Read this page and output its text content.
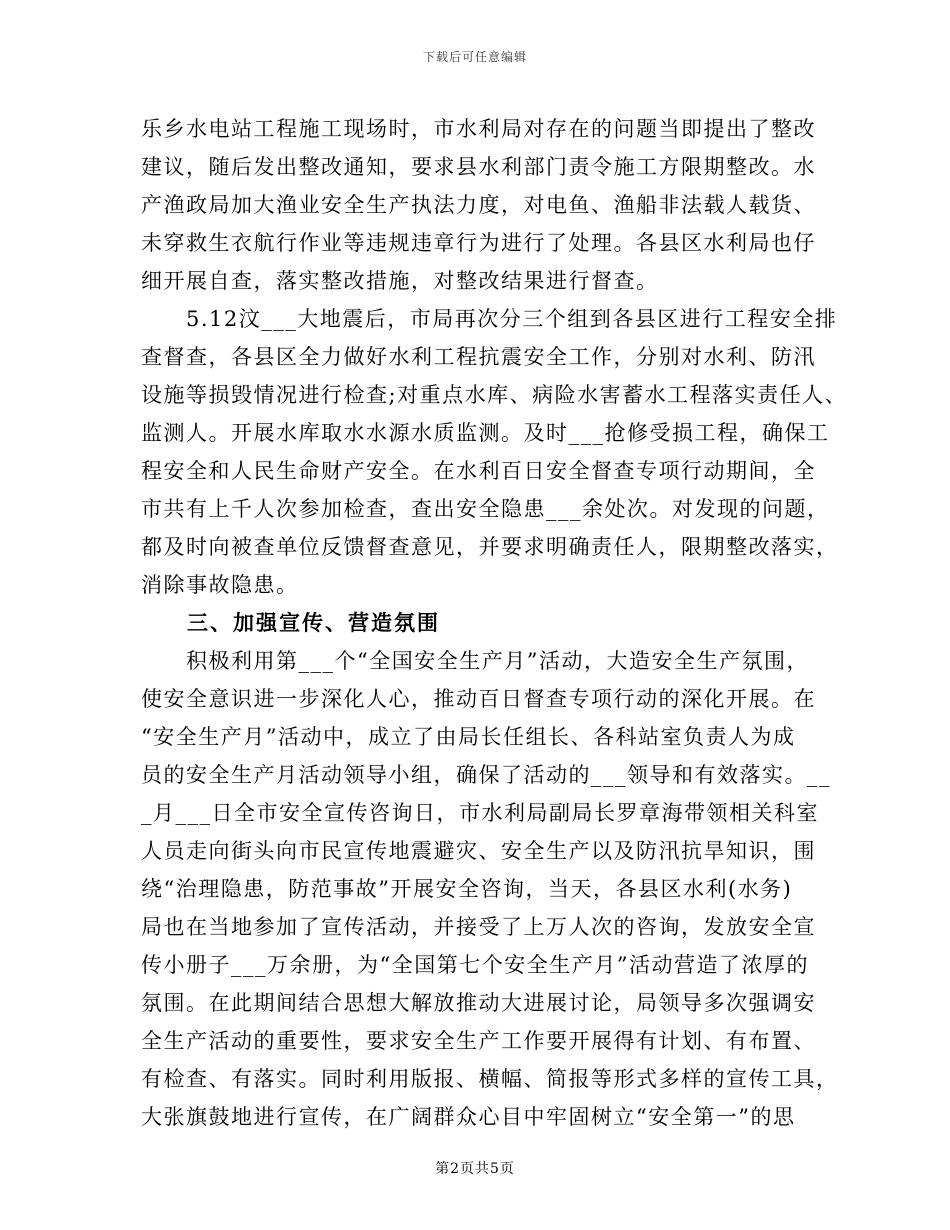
下载后可任意编辑
乐乡水电站工程施工现场时，市水利局对存在的问题当即提出了整改
建议，随后发出整改通知，要求县水利部门责令施工方限期整改。水
产渔政局加大渔业安全生产执法力度，对电鱼、渔船非法载人载货、
未穿救生衣航行作业等违规违章行为进行了处理。各县区水利局也仔
细开展自查，落实整改措施，对整改结果进行督查。
　　5.12汶___大地震后，市局再次分三个组到各县区进行工程安全排
查督查，各县区全力做好水利工程抗震安全工作，分别对水利、防汛
设施等损毁情况进行检查;对重点水库、病险水害蓄水工程落实责任人、
监测人。开展水库取水水源水质监测。及时___抢修受损工程，确保工
程安全和人民生命财产安全。在水利百日安全督查专项行动期间，全
市共有上千人次参加检查，查出安全隐患___余处次。对发现的问题，
都及时向被查单位反馈督查意见，并要求明确责任人，限期整改落实，
消除事故隐患。
　　三、加强宣传、营造氛围
　　积极利用第___个“全国安全生产月”活动，大造安全生产氛围，
使安全意识进一步深化人心，推动百日督查专项行动的深化开展。在
“安全生产月”活动中，成立了由局长任组长、各科站室负责人为成
员的安全生产月活动领导小组，确保了活动的___领导和有效落实。__
_月___日全市安全宣传咨询日，市水利局副局长罗章海带领相关科室
人员走向街头向市民宣传地震避灾、安全生产以及防汛抗旱知识，围
绕“治理隐患，防范事故”开展安全咨询，当天，各县区水利(水务)
局也在当地参加了宣传活动，并接受了上万人次的咨询，发放安全宣
传小册子___万余册，为“全国第七个安全生产月”活动营造了浓厚的
氛围。在此期间结合思想大解放推动大进展讨论，局领导多次强调安
全生产活动的重要性，要求安全生产工作要开展得有计划、有布置、
有检查、有落实。同时利用版报、横幅、简报等形式多样的宣传工具，
大张旗鼓地进行宣传，在广阔群众心目中牢固树立“安全第一”的思
第2页共5页
